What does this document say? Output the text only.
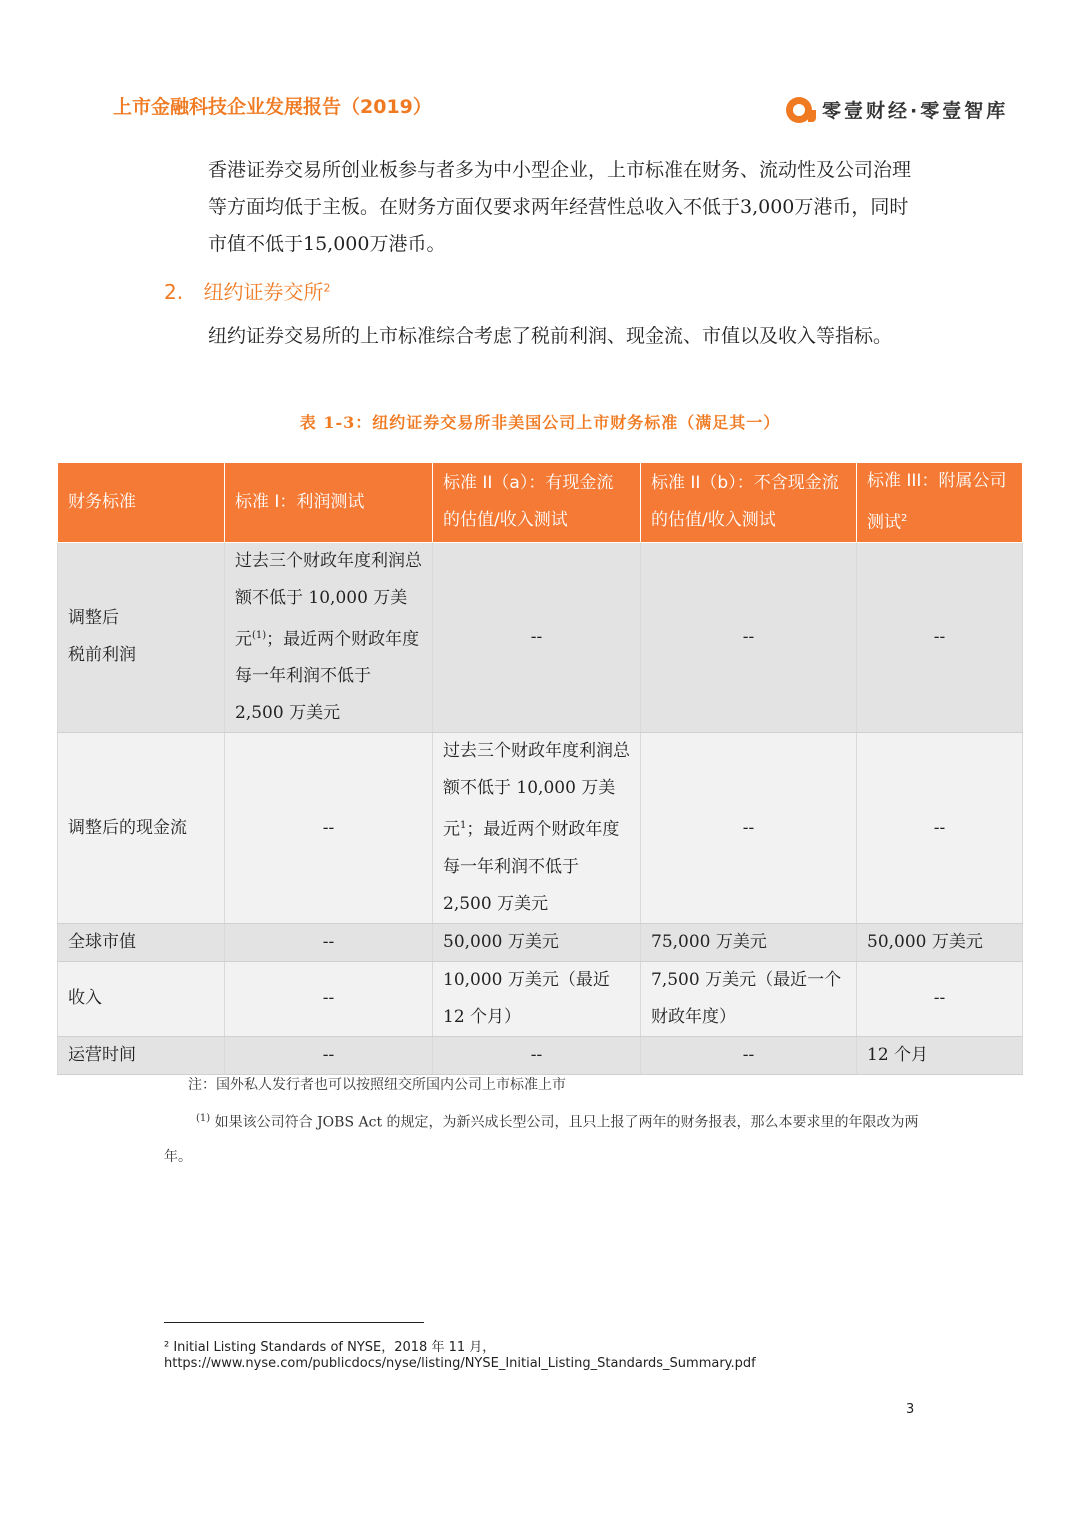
上市金融科技企业发展报告（2019）	零壹财经·零壹智库
香港证券交易所创业板参与者多为中小型企业，上市标准在财务、流动性及公司治理等方面均低于主板。在财务方面仅要求两年经营性总收入不低于3,000万港币，同时市值不低于15,000万港币。
2. 纽约证券交所$^2$
纽约证券交易所的上市标准综合考虑了税前利润、现金流、市值以及收入等指标。
表 1-3：纽约证券交易所非美国公司上市财务标准（满足其一）
财务标准	标准 I：利润测试	标准 II（a）：有现金流的估值/收入测试	标准 II（b）：不含现金流的估值/收入测试	标准 III：附属公司测试$^2$
调整后
税前利润	过去三个财政年度利润总额不低于 10,000 万美元$^{(1)}$；最近两个财政年度每一年利润不低于 2,500 万美元	--	--	--
调整后的现金流	--	过去三个财政年度利润总额不低于 10,000 万美元$^1$；最近两个财政年度每一年利润不低于 2,500 万美元	--	--
全球市值	--	50,000 万美元	75,000 万美元	50,000 万美元
收入	--	10,000 万美元（最近 12 个月）	7,500 万美元（最近一个财政年度）	--
运营时间	--	--	--	12 个月
注：国外私人发行者也可以按照纽交所国内公司上市标准上市
$^{(1)}$ 如果该公司符合 JOBS Act 的规定，为新兴成长型公司，且只上报了两年的财务报表，那么本要求里的年限改为两年。
² Initial Listing Standards of NYSE，2018 年 11 月，
https://www.nyse.com/publicdocs/nyse/listing/NYSE_Initial_Listing_Standards_Summary.pdf
3
